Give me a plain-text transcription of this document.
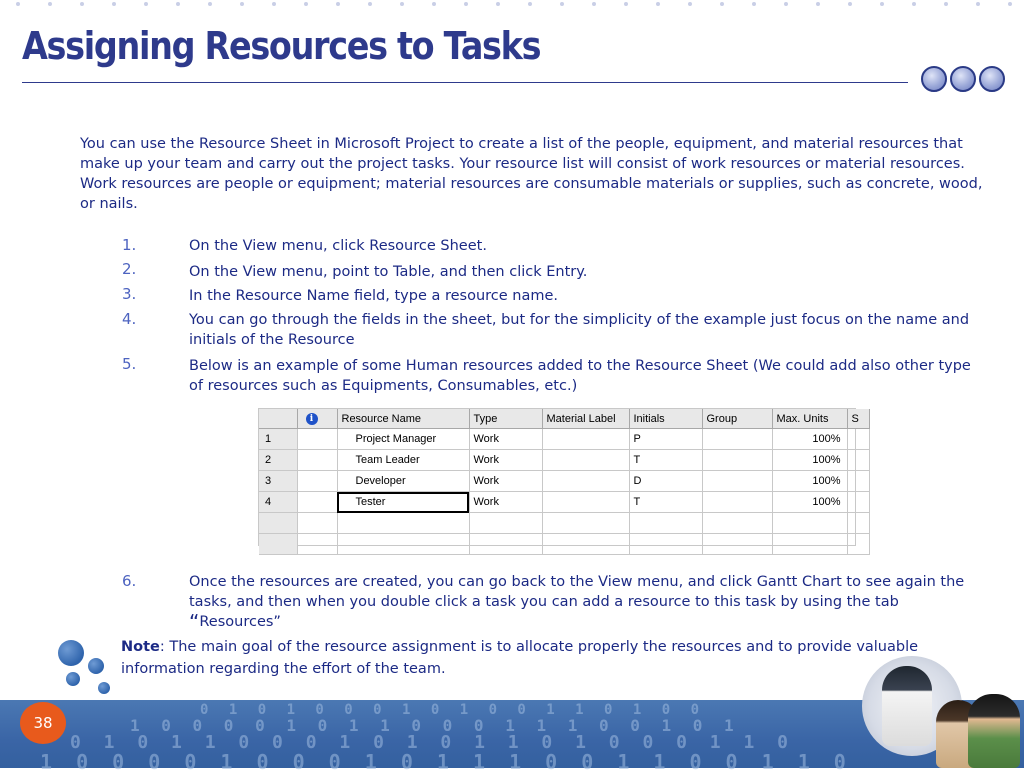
Assigning Resources to Tasks

You can use the Resource Sheet in Microsoft Project to create a list of the people, equipment, and material resources that make up your team and carry out the project tasks. Your resource list will consist of work resources or material resources. Work resources are people or equipment; material resources are consumable materials or supplies, such as concrete, wood, or nails.

1.	On the View menu, click Resource Sheet.
2.	On the View menu, point to Table, and then click Entry.
3.	In the Resource Name field, type a resource name.
4.	You can go through the fields in the sheet, but for the simplicity of the example just focus on the name and initials of the Resource
5.	Below is an example of some Human resources added to the Resource Sheet (We could add also other type of resources such as Equipments, Consumables, etc.)
6.	Once the resources are created, you can go back to the View menu, and click Gantt Chart to see again the tasks, and then when you double click a task you can add a resource to this task by using the tab
“Resources”
	i	Resource Name	Type	Material Label	Initials	Group	Max. Units	S
1		Project Manager	Work		P		100%	
2		Team Leader	Work		T		100%	
3		Developer	Work		D		100%	
4		Tester	Work		T		100%	

Note: The main goal of the resource assignment is to allocate properly the resources and to provide valuable information regarding the effort of the team.
0 1 0 1 0 0 0 1 0 1 0 0 1 1 0 1 0 0
1 0 0 0 0 1 0 1 1 0 0 0 1 1 1 0 0 1 0 1
0 1 0 1 1 0 0 0 1 0 1 0 1 1 0 1 0 0 0 1 1 0
1 0 0 0 0 1 0 0 0 1 0 1 1 1 0 0 1 1 0 0 1 1 0
38
